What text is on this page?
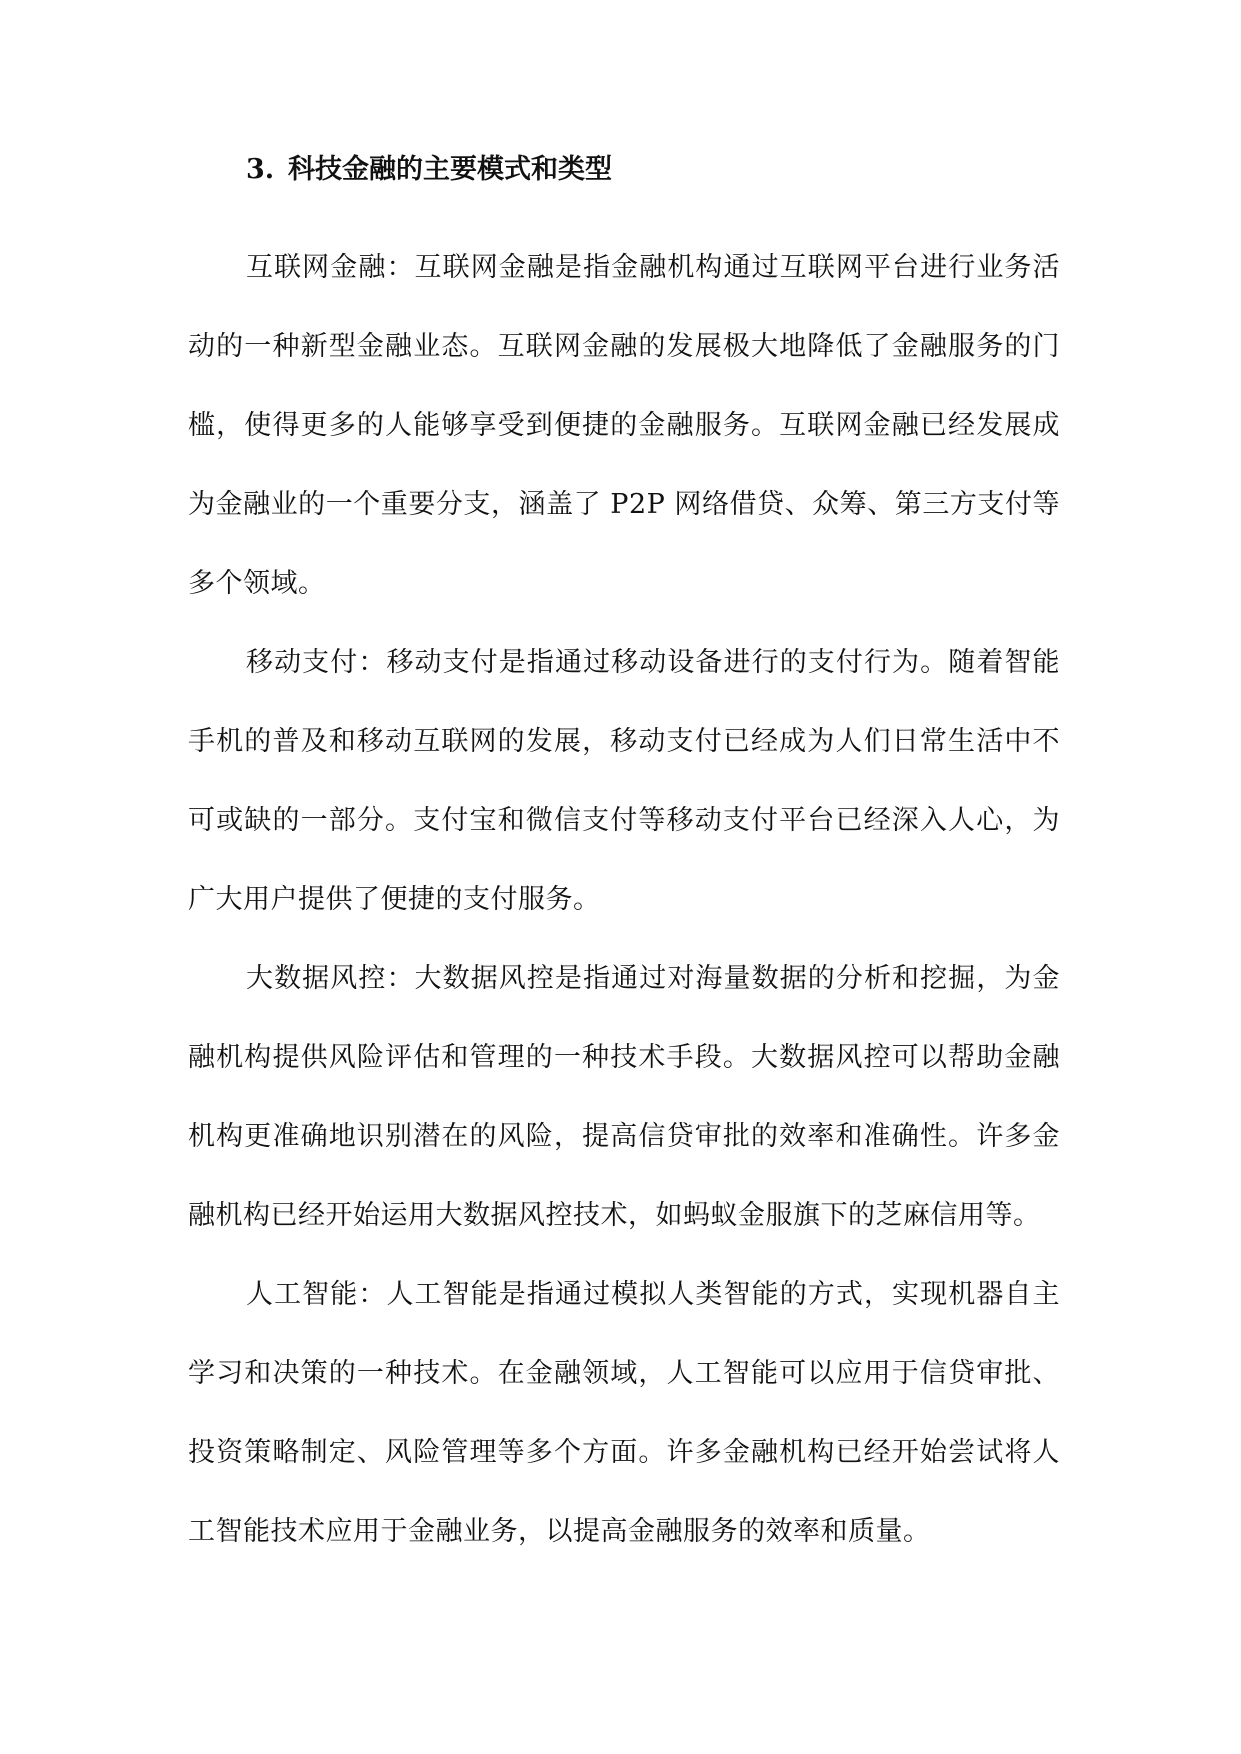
3. 科技金融的主要模式和类型

互联网金融：互联网金融是指金融机构通过互联网平台进行业务活动的一种新型金融业态。互联网金融的发展极大地降低了金融服务的门槛，使得更多的人能够享受到便捷的金融服务。互联网金融已经发展成为金融业的一个重要分支，涵盖了 P2P 网络借贷、众筹、第三方支付等多个领域。

移动支付：移动支付是指通过移动设备进行的支付行为。随着智能手机的普及和移动互联网的发展，移动支付已经成为人们日常生活中不可或缺的一部分。支付宝和微信支付等移动支付平台已经深入人心，为广大用户提供了便捷的支付服务。

大数据风控：大数据风控是指通过对海量数据的分析和挖掘，为金融机构提供风险评估和管理的一种技术手段。大数据风控可以帮助金融机构更准确地识别潜在的风险，提高信贷审批的效率和准确性。许多金融机构已经开始运用大数据风控技术，如蚂蚁金服旗下的芝麻信用等。

人工智能：人工智能是指通过模拟人类智能的方式，实现机器自主学习和决策的一种技术。在金融领域，人工智能可以应用于信贷审批、投资策略制定、风险管理等多个方面。许多金融机构已经开始尝试将人工智能技术应用于金融业务，以提高金融服务的效率和质量。
